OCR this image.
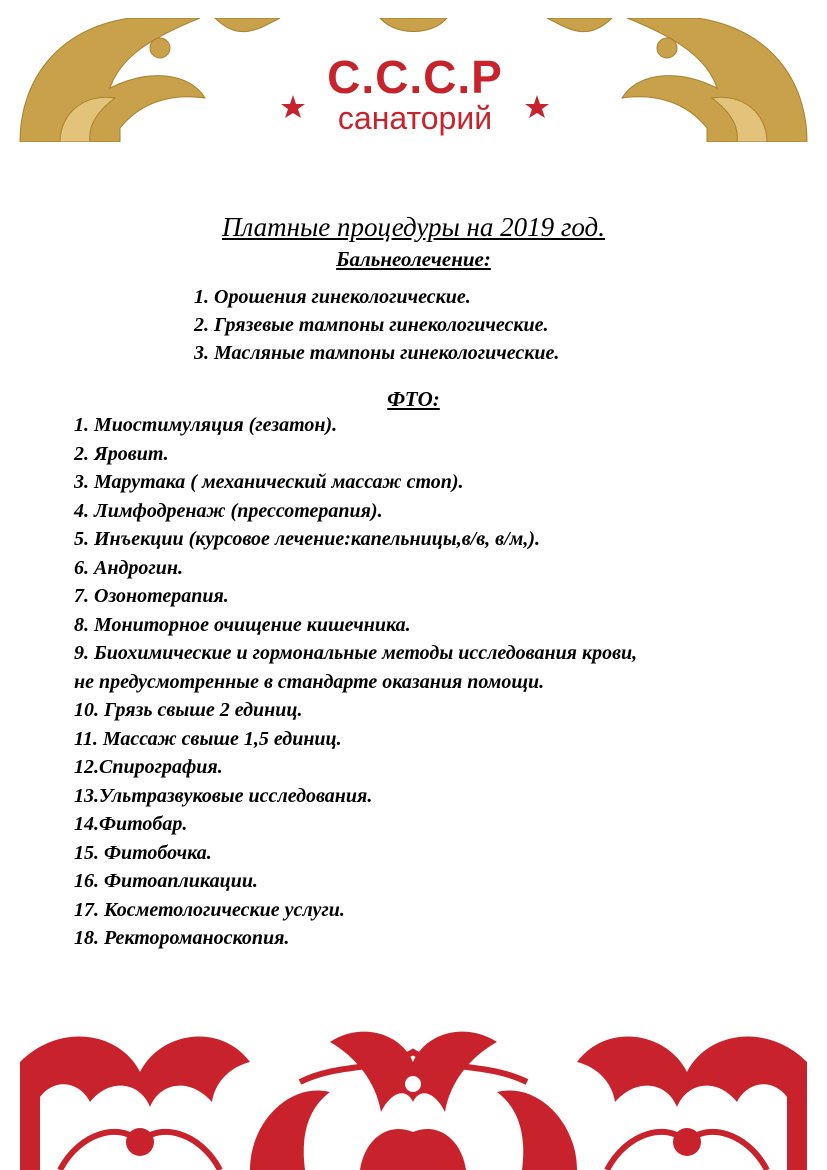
С.С.С.Р
санаторий
Платные процедуры на 2019 год.
Бальнеолечение:
1. Орошения гинекологические.
2. Грязевые тампоны гинекологические.
3. Масляные тампоны гинекологические.
ФТО:
1. Миостимуляция (гезатон).
2. Яровит.
3. Марутака ( механический массаж стоп).
4. Лимфодренаж (прессотерапия).
5. Инъекции (курсовое лечение:капельницы,в/в, в/м,).
6. Андрогин.
7. Озонотерапия.
8. Мониторное очищение кишечника.
9. Биохимические и гормональные методы исследования крови,
не предусмотренные в стандарте оказания помощи.
10. Грязь свыше 2 единиц.
11. Массаж свыше 1,5 единиц.
12.Спирография.
13.Ультразвуковые исследования.
14.Фитобар.
15. Фитобочка.
16. Фитоапликации.
17. Косметологические услуги.
18. Ректороманоскопия.
